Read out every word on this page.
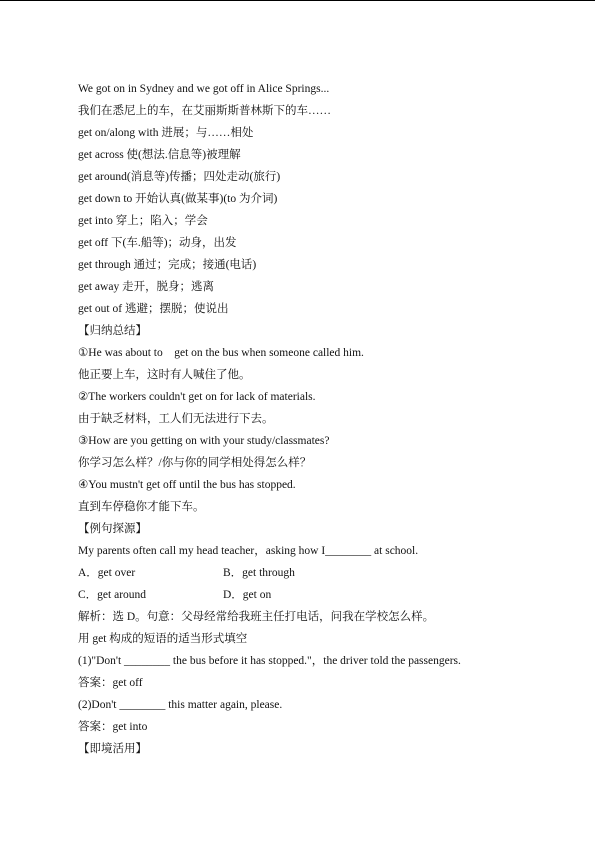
We got on in Sydney and we got off in Alice Springs...
我们在悉尼上的车，在艾丽斯斯普林斯下的车……
get on/along with 进展；与……相处
get across 使(想法.信息等)被理解
get around(消息等)传播；四处走动(旅行)
get down to 开始认真(做某事)(to 为介词)
get into 穿上；陷入；学会
get off 下(车.船等)；动身，出发
get through 通过；完成；接通(电话)
get away 走开，脱身；逃离
get out of 逃避；摆脱；使说出
【归纳总结】
①He was about to    get on the bus when someone called him.
他正要上车，这时有人喊住了他。
②The workers couldn't get on for lack of materials.
由于缺乏材料，工人们无法进行下去。
③How are you getting on with your study/classmates?
你学习怎么样？/你与你的同学相处得怎么样？
④You mustn't get off until the bus has stopped.
直到车停稳你才能下车。
【例句探源】
My parents often call my head teacher，asking how I________ at school.
A．get over	B．get through
C．get around	D．get on
解析：选 D。句意：父母经常给我班主任打电话，问我在学校怎么样。
用 get 构成的短语的适当形式填空
(1)"Don't ________ the bus before it has stopped."，the driver told the passengers.
答案：get off
(2)Don't ________ this matter again, please.
答案：get into
【即境活用】
